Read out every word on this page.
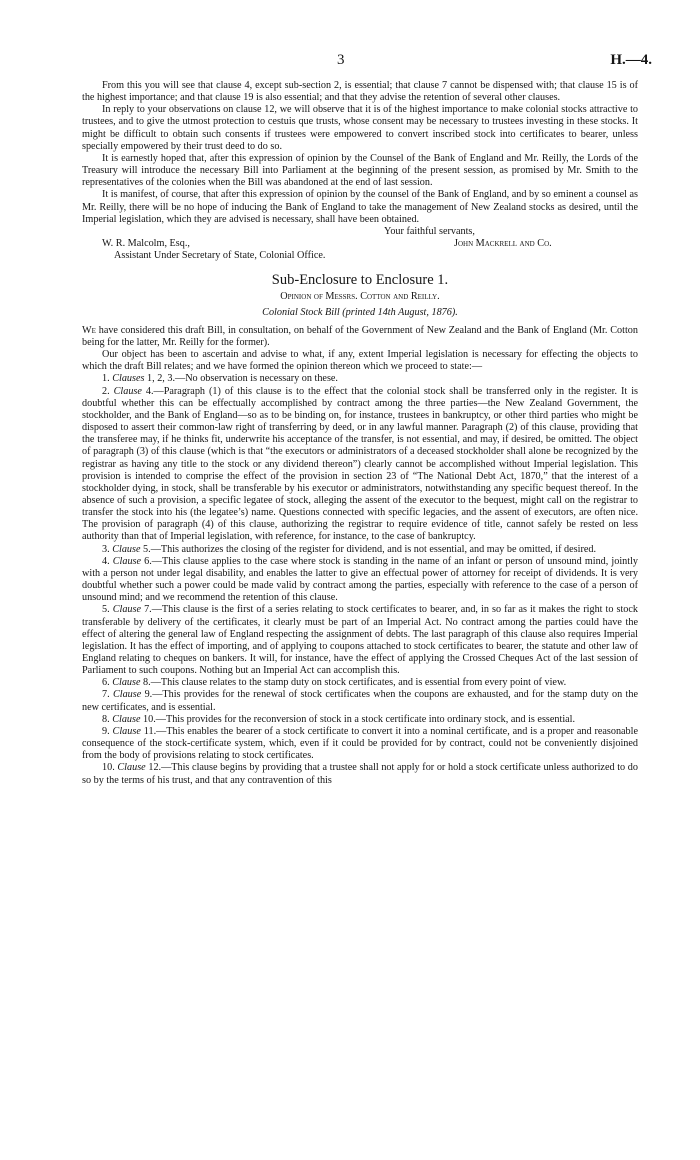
3	H.—4.

From this you will see that clause 4, except sub-section 2, is essential; that clause 7 cannot be dispensed with; that clause 15 is of the highest importance; and that clause 19 is also essential; and that they advise the retention of several other clauses.

In reply to your observations on clause 12, we will observe that it is of the highest importance to make colonial stocks attractive to trustees, and to give the utmost protection to cestuis que trusts, whose consent may be necessary to trustees investing in these stocks. It might be difficult to obtain such consents if trustees were empowered to convert inscribed stock into certificates to bearer, unless specially empowered by their trust deed to do so.

It is earnestly hoped that, after this expression of opinion by the Counsel of the Bank of England and Mr. Reilly, the Lords of the Treasury will introduce the necessary Bill into Parliament at the beginning of the present session, as promised by Mr. Smith to the representatives of the colonies when the Bill was abandoned at the end of last session.

It is manifest, of course, that after this expression of opinion by the counsel of the Bank of England, and by so eminent a counsel as Mr. Reilly, there will be no hope of inducing the Bank of England to take the management of New Zealand stocks as desired, until the Imperial legislation, which they are advised is necessary, shall have been obtained.

Your faithful servants,
W. R. Malcolm, Esq.,	John Mackrell and Co.

Assistant Under Secretary of State, Colonial Office.

Sub-Enclosure to Enclosure 1.
Opinion of Messrs. Cotton and Reilly.
Colonial Stock Bill (printed 14th August, 1876).

We have considered this draft Bill, in consultation, on behalf of the Government of New Zealand and the Bank of England (Mr. Cotton being for the latter, Mr. Reilly for the former).

Our object has been to ascertain and advise to what, if any, extent Imperial legislation is necessary for effecting the objects to which the draft Bill relates; and we have formed the opinion thereon which we proceed to state:—

1. Clauses 1, 2, 3.—No observation is necessary on these.

2. Clause 4.—Paragraph (1) of this clause is to the effect that the colonial stock shall be transferred only in the register. It is doubtful whether this can be effectually accomplished by contract among the three parties—the New Zealand Government, the stockholder, and the Bank of England—so as to be binding on, for instance, trustees in bankruptcy, or other third parties who might be disposed to assert their common-law right of transferring by deed, or in any lawful manner. Paragraph (2) of this clause, providing that the transferee may, if he thinks fit, underwrite his acceptance of the transfer, is not essential, and may, if desired, be omitted. The object of paragraph (3) of this clause (which is that “the executors or administrators of a deceased stockholder shall alone be recognized by the registrar as having any title to the stock or any dividend thereon”) clearly cannot be accomplished without Imperial legislation. This provision is intended to comprise the effect of the provision in section 23 of “The National Debt Act, 1870,” that the interest of a stockholder dying, in stock, shall be transferable by his executor or administrators, notwithstanding any specific bequest thereof. In the absence of such a provision, a specific legatee of stock, alleging the assent of the executor to the bequest, might call on the registrar to transfer the stock into his (the legatee’s) name. Questions connected with specific legacies, and the assent of executors, are often nice. The provision of paragraph (4) of this clause, authorizing the registrar to require evidence of title, cannot safely be rested on less authority than that of Imperial legislation, with reference, for instance, to the case of bankruptcy.

3. Clause 5.—This authorizes the closing of the register for dividend, and is not essential, and may be omitted, if desired.

4. Clause 6.—This clause applies to the case where stock is standing in the name of an infant or person of unsound mind, jointly with a person not under legal disability, and enables the latter to give an effectual power of attorney for receipt of dividends. It is very doubtful whether such a power could be made valid by contract among the parties, especially with reference to the case of a person of unsound mind; and we recommend the retention of this clause.

5. Clause 7.—This clause is the first of a series relating to stock certificates to bearer, and, in so far as it makes the right to stock transferable by delivery of the certificates, it clearly must be part of an Imperial Act. No contract among the parties could have the effect of altering the general law of England respecting the assignment of debts. The last paragraph of this clause also requires Imperial legislation. It has the effect of importing, and of applying to coupons attached to stock certificates to bearer, the statute and other law of England relating to cheques on bankers. It will, for instance, have the effect of applying the Crossed Cheques Act of the last session of Parliament to such coupons. Nothing but an Imperial Act can accomplish this.

6. Clause 8.—This clause relates to the stamp duty on stock certificates, and is essential from every point of view.

7. Clause 9.—This provides for the renewal of stock certificates when the coupons are exhausted, and for the stamp duty on the new certificates, and is essential.

8. Clause 10.—This provides for the reconversion of stock in a stock certificate into ordinary stock, and is essential.

9. Clause 11.—This enables the bearer of a stock certificate to convert it into a nominal certificate, and is a proper and reasonable consequence of the stock-certificate system, which, even if it could be provided for by contract, could not be conveniently disjoined from the body of provisions relating to stock certificates.

10. Clause 12.—This clause begins by providing that a trustee shall not apply for or hold a stock certificate unless authorized to do so by the terms of his trust, and that any contravention of this
